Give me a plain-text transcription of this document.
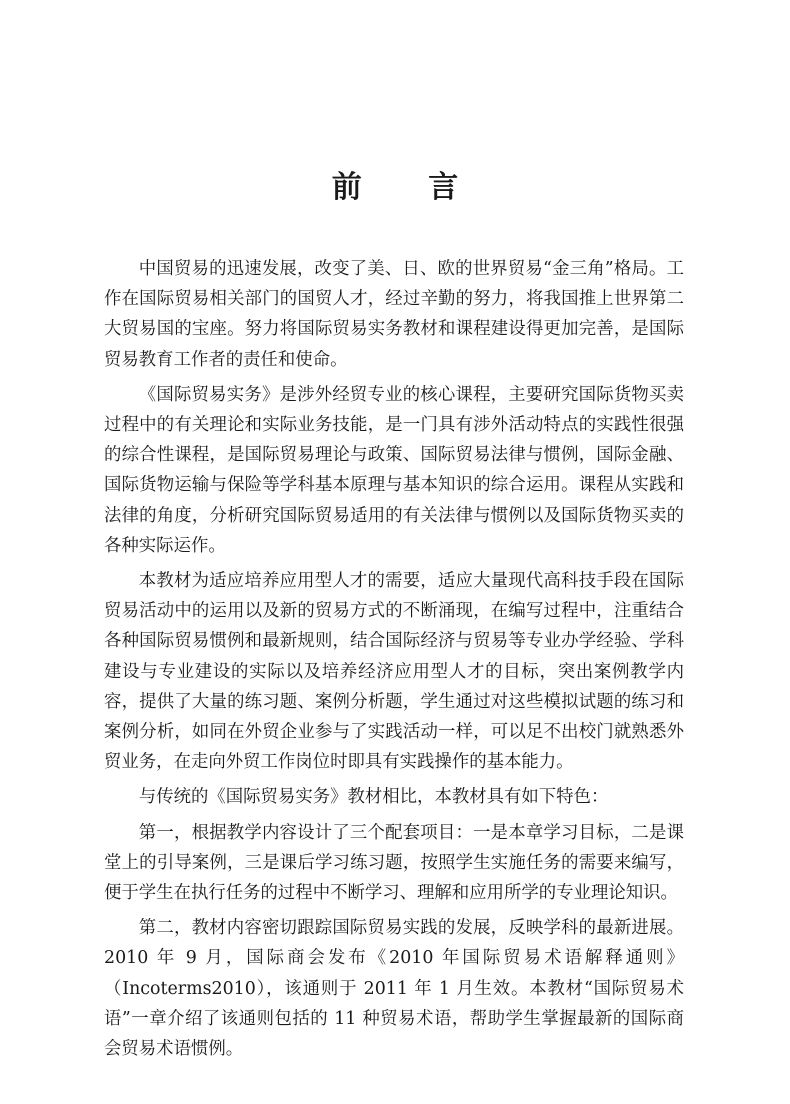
前 言

中国贸易的迅速发展，改变了美、日、欧的世界贸易“金三角”格局。工作在国际贸易相关部门的国贸人才，经过辛勤的努力，将我国推上世界第二大贸易国的宝座。努力将国际贸易实务教材和课程建设得更加完善，是国际贸易教育工作者的责任和使命。

《国际贸易实务》是涉外经贸专业的核心课程，主要研究国际货物买卖过程中的有关理论和实际业务技能，是一门具有涉外活动特点的实践性很强的综合性课程，是国际贸易理论与政策、国际贸易法律与惯例，国际金融、国际货物运输与保险等学科基本原理与基本知识的综合运用。课程从实践和法律的角度，分析研究国际贸易适用的有关法律与惯例以及国际货物买卖的各种实际运作。

本教材为适应培养应用型人才的需要，适应大量现代高科技手段在国际贸易活动中的运用以及新的贸易方式的不断涌现，在编写过程中，注重结合各种国际贸易惯例和最新规则，结合国际经济与贸易等专业办学经验、学科建设与专业建设的实际以及培养经济应用型人才的目标，突出案例教学内容，提供了大量的练习题、案例分析题，学生通过对这些模拟试题的练习和案例分析，如同在外贸企业参与了实践活动一样，可以足不出校门就熟悉外贸业务，在走向外贸工作岗位时即具有实践操作的基本能力。

与传统的《国际贸易实务》教材相比，本教材具有如下特色：

第一，根据教学内容设计了三个配套项目：一是本章学习目标，二是课堂上的引导案例，三是课后学习练习题，按照学生实施任务的需要来编写，便于学生在执行任务的过程中不断学习、理解和应用所学的专业理论知识。

第二，教材内容密切跟踪国际贸易实践的发展，反映学科的最新进展。2010 年 9 月，国际商会发布《2010 年国际贸易术语解释通则》（Incoterms2010），该通则于 2011 年 1 月生效。本教材“国际贸易术语”一章介绍了该通则包括的 11 种贸易术语，帮助学生掌握最新的国际商会贸易术语惯例。
